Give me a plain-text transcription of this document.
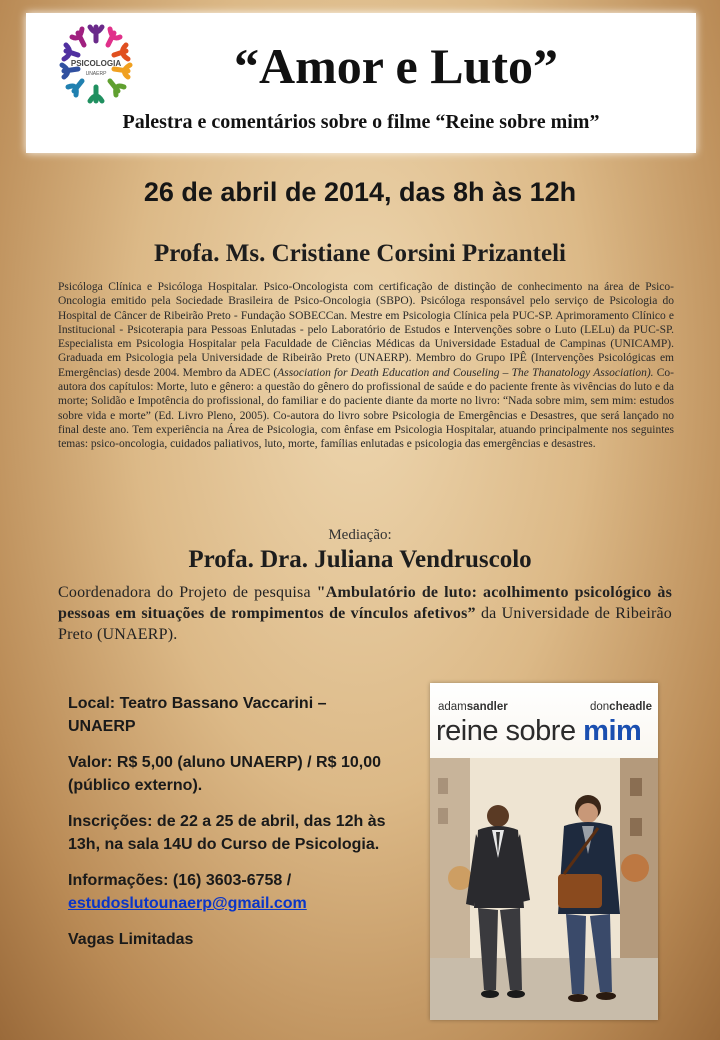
PSICOLOGIA
UNAERP	“Amor e Luto”
Palestra e comentários sobre o filme “Reine sobre mim”
26 de abril de 2014, das 8h às 12h
Profa. Ms. Cristiane Corsini Prizanteli
Psicóloga Clínica e Psicóloga Hospitalar. Psico-Oncologista com certificação de distinção de conhecimento na área de Psico-Oncologia emitido pela Sociedade Brasileira de Psico-Oncologia (SBPO). Psicóloga responsável pelo serviço de Psicologia do Hospital de Câncer de Ribeirão Preto - Fundação SOBECCan. Mestre em Psicologia Clínica pela PUC-SP. Aprimoramento Clínico e Institucional - Psicoterapia para Pessoas Enlutadas - pelo Laboratório de Estudos e Intervenções sobre o Luto (LELu) da PUC-SP. Especialista em Psicologia Hospitalar pela Faculdade de Ciências Médicas da Universidade Estadual de Campinas (UNICAMP). Graduada em Psicologia pela Universidade de Ribeirão Preto (UNAERP). Membro do Grupo IPÊ (Intervenções Psicológicas em Emergências) desde 2004. Membro da ADEC (Association for Death Education and Couseling – The Thanatology Association). Co-autora dos capítulos: Morte, luto e gênero: a questão do gênero do profissional de saúde e do paciente frente às vivências do luto e da morte; Solidão e Impotência do profissional, do familiar e do paciente diante da morte no livro: “Nada sobre mim, sem mim: estudos sobre vida e morte” (Ed. Livro Pleno, 2005). Co-autora do livro sobre Psicologia de Emergências e Desastres, que será lançado no final deste ano. Tem experiência na Área de Psicologia, com ênfase em Psicologia Hospitalar, atuando principalmente nos seguintes temas: psico-oncologia, cuidados paliativos, luto, morte, famílias enlutadas e psicologia das emergências e desastres.
Mediação:
Profa. Dra. Juliana Vendruscolo
Coordenadora do Projeto de pesquisa "Ambulatório de luto: acolhimento psicológico às pessoas em situações de rompimentos de vínculos afetivos” da Universidade de Ribeirão Preto (UNAERP).

Local: Teatro Bassano Vaccarini – UNAERP

Valor: R$ 5,00 (aluno UNAERP) / R$ 10,00 (público externo).

Inscrições: de 22 a 25 de abril, das 12h às 13h, na sala 14U do Curso de Psicologia.

Informações: (16) 3603-6758 /
estudoslutounaerp@gmail.com

Vagas Limitadas

adamsandler	doncheadle
reine sobre mim
